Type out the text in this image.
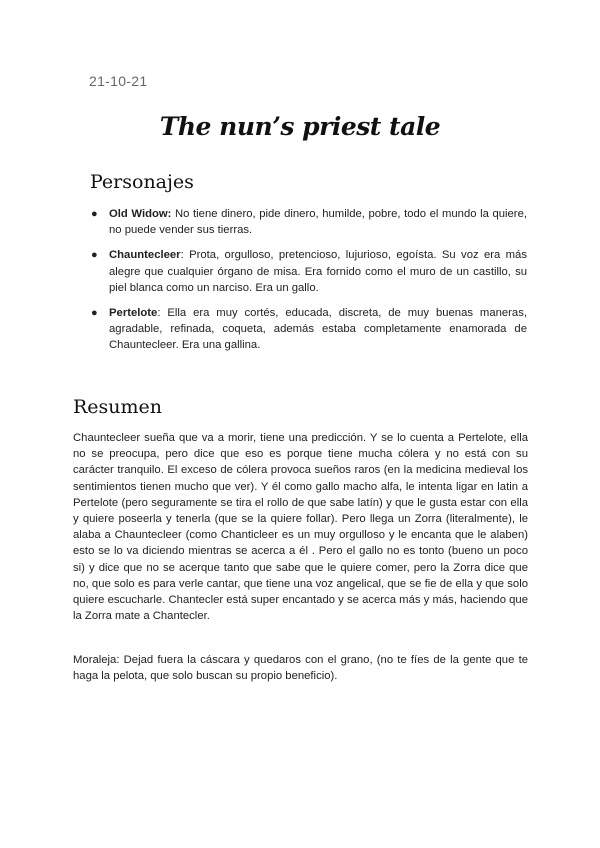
21-10-21
The nun’s priest tale
Personajes
● Old Widow: No tiene dinero, pide dinero, humilde, pobre, todo el mundo la quiere, no puede vender sus tierras.
● Chauntecleer: Prota, orgulloso, pretencioso, lujurioso, egoísta. Su voz era más alegre que cualquier órgano de misa. Era fornido como el muro de un castillo, su piel blanca como un narciso. Era un gallo.
● Pertelote: Ella era muy cortés, educada, discreta, de muy buenas maneras, agradable, refinada, coqueta, además estaba completamente enamorada de Chauntecleer. Era una gallina.
Resumen

Chauntecleer sueña que va a morir, tiene una predicción. Y se lo cuenta a Pertelote, ella no se preocupa, pero dice que eso es porque tiene mucha cólera y no está con su carácter tranquilo. El exceso de cólera provoca sueños raros (en la medicina medieval los sentimientos tienen mucho que ver). Y él como gallo macho alfa, le intenta ligar en latin a Pertelote (pero seguramente se tira el rollo de que sabe latín) y que le gusta estar con ella y quiere poseerla y tenerla (que se la quiere follar). Pero llega un Zorra (literalmente), le alaba a Chauntecleer (como Chanticleer es un muy orgulloso y le encanta que le alaben) esto se lo va diciendo mientras se acerca a él . Pero el gallo no es tonto (bueno un poco si) y dice que no se acerque tanto que sabe que le quiere comer, pero la Zorra dice que no, que solo es para verle cantar, que tiene una voz angelical, que se fie de ella y que solo quiere escucharle. Chantecler está super encantado y se acerca más y más, haciendo que la Zorra mate a Chantecler.

Moraleja: Dejad fuera la cáscara y quedaros con el grano, (no te fíes de la gente que te haga la pelota, que solo buscan su propio beneficio).
